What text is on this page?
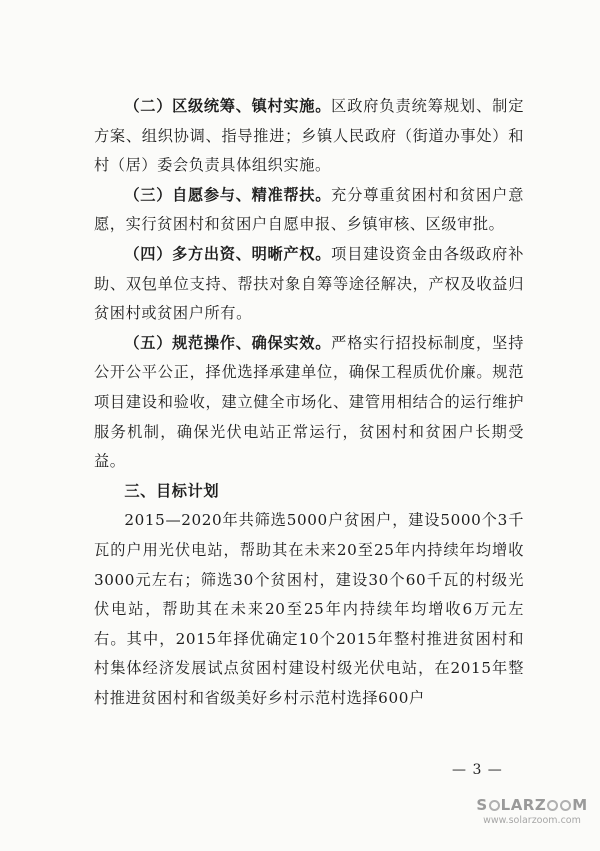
（二）区级统筹、镇村实施。区政府负责统筹规划、制定方案、组织协调、指导推进；乡镇人民政府（街道办事处）和村（居）委会负责具体组织实施。

（三）自愿参与、精准帮扶。充分尊重贫困村和贫困户意愿，实行贫困村和贫困户自愿申报、乡镇审核、区级审批。

（四）多方出资、明晰产权。项目建设资金由各级政府补助、双包单位支持、帮扶对象自筹等途径解决，产权及收益归贫困村或贫困户所有。

（五）规范操作、确保实效。严格实行招投标制度，坚持公开公平公正，择优选择承建单位，确保工程质优价廉。规范项目建设和验收，建立健全市场化、建管用相结合的运行维护服务机制，确保光伏电站正常运行，贫困村和贫困户长期受益。

三、目标计划

2015—2020年共筛选5000户贫困户，建设5000个3千瓦的户用光伏电站，帮助其在未来20至25年内持续年均增收3000元左右；筛选30个贫困村，建设30个60千瓦的村级光伏电站，帮助其在未来20至25年内持续年均增收6万元左右。其中，2015年择优确定10个2015年整村推进贫困村和村集体经济发展试点贫困村建设村级光伏电站，在2015年整村推进贫困村和省级美好乡村示范村选择600户

— 3 —
S LARZ M
www.solarzoom.com
